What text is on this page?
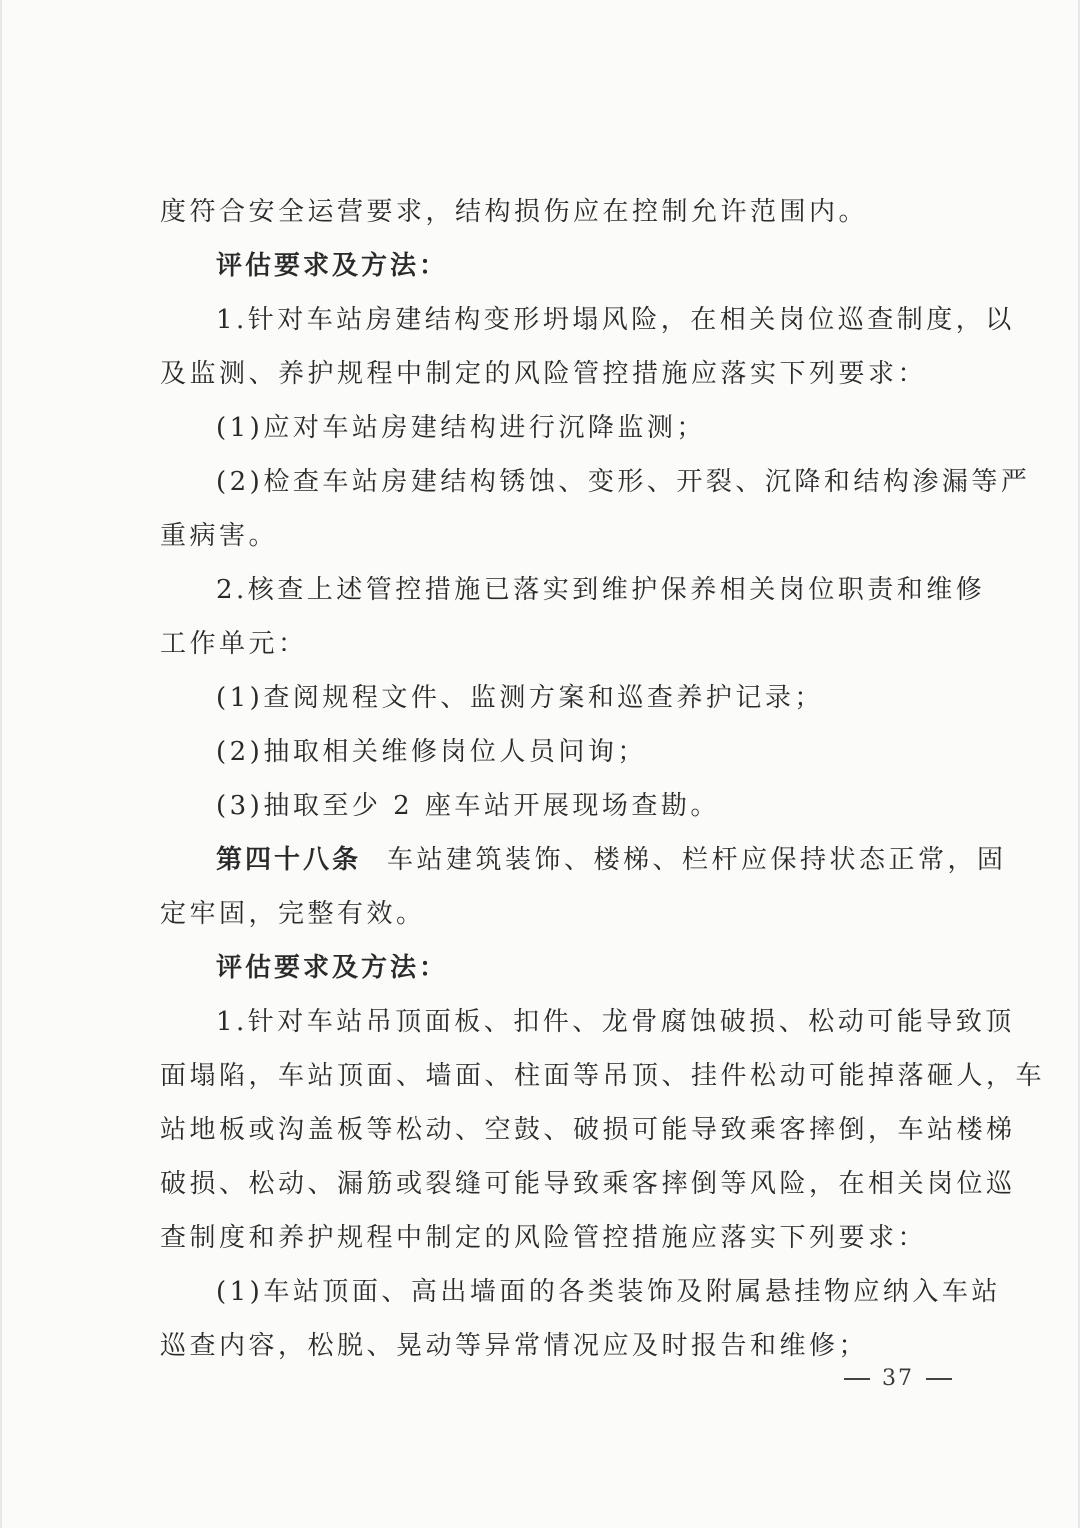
度符合安全运营要求，结构损伤应在控制允许范围内。
评估要求及方法：
1.针对车站房建结构变形坍塌风险，在相关岗位巡查制度，以
及监测、养护规程中制定的风险管控措施应落实下列要求：
(1)应对车站房建结构进行沉降监测；
(2)检查车站房建结构锈蚀、变形、开裂、沉降和结构渗漏等严
重病害。
2.核查上述管控措施已落实到维护保养相关岗位职责和维修
工作单元：
(1)查阅规程文件、监测方案和巡查养护记录；
(2)抽取相关维修岗位人员问询；
(3)抽取至少 2 座车站开展现场查勘。
第四十八条 车站建筑装饰、楼梯、栏杆应保持状态正常，固
定牢固，完整有效。
评估要求及方法：
1.针对车站吊顶面板、扣件、龙骨腐蚀破损、松动可能导致顶
面塌陷，车站顶面、墙面、柱面等吊顶、挂件松动可能掉落砸人，车
站地板或沟盖板等松动、空鼓、破损可能导致乘客摔倒，车站楼梯
破损、松动、漏筋或裂缝可能导致乘客摔倒等风险，在相关岗位巡
查制度和养护规程中制定的风险管控措施应落实下列要求：
(1)车站顶面、高出墙面的各类装饰及附属悬挂物应纳入车站
巡查内容，松脱、晃动等异常情况应及时报告和维修；
37
